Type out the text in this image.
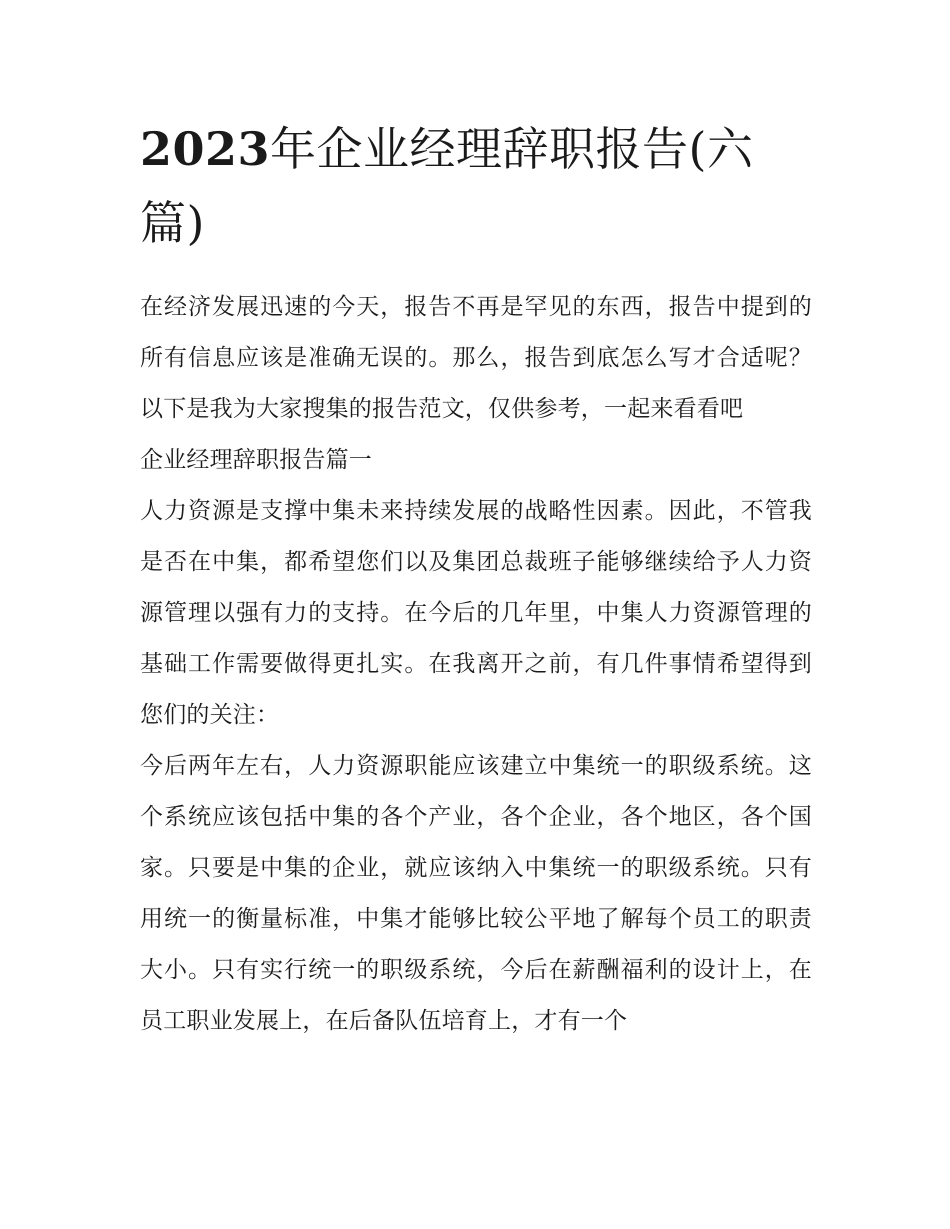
2023年企业经理辞职报告(六篇)

在经济发展迅速的今天，报告不再是罕见的东西，报告中提到的所有信息应该是准确无误的。那么，报告到底怎么写才合适呢？以下是我为大家搜集的报告范文，仅供参考，一起来看看吧

企业经理辞职报告篇一

人力资源是支撑中集未来持续发展的战略性因素。因此，不管我是否在中集，都希望您们以及集团总裁班子能够继续给予人力资源管理以强有力的支持。在今后的几年里，中集人力资源管理的基础工作需要做得更扎实。在我离开之前，有几件事情希望得到您们的关注：

今后两年左右，人力资源职能应该建立中集统一的职级系统。这个系统应该包括中集的各个产业，各个企业，各个地区，各个国家。只要是中集的企业，就应该纳入中集统一的职级系统。只有用统一的衡量标准，中集才能够比较公平地了解每个员工的职责大小。只有实行统一的职级系统，今后在薪酬福利的设计上，在员工职业发展上，在后备队伍培育上，才有一个
